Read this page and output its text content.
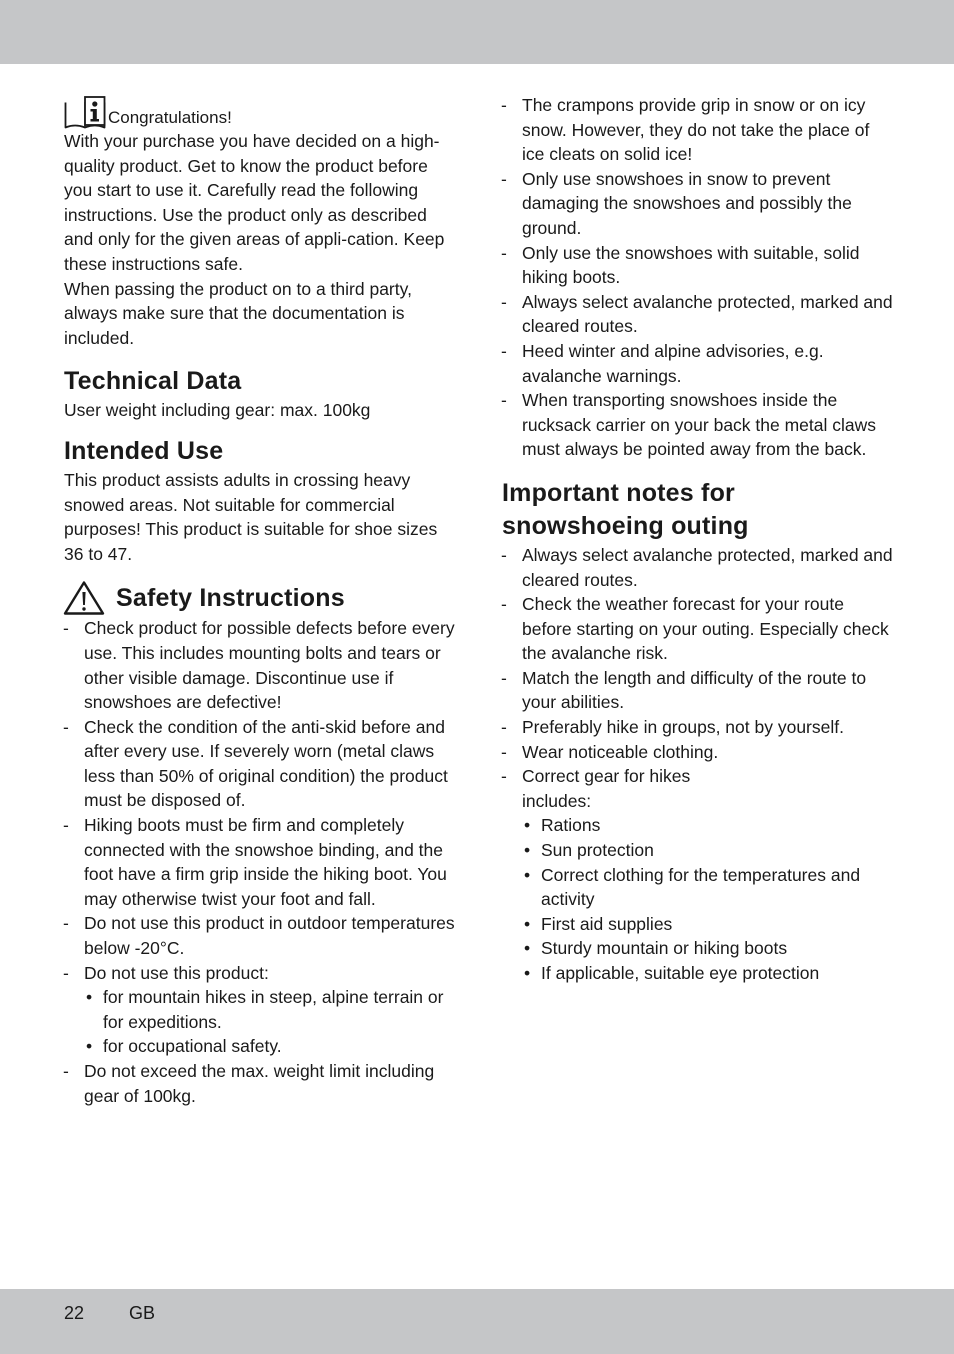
Congratulations!

With your purchase you have decided on a high-quality product. Get to know the product before you start to use it. Carefully read the following instructions. Use the product only as described and only for the given areas of appli-cation. Keep these instructions safe.

When passing the product on to a third party, always make sure that the documentation is included.

Technical Data

User weight including gear: max. 100kg

Intended Use

This product assists adults in crossing heavy snowed areas. Not suitable for commercial purposes! This product is suitable for shoe sizes 36 to 47.

Safety Instructions
- Check product for possible defects before every use. This includes mounting bolts and tears or other visible damage. Discontinue use if snowshoes are defective!
- Check the condition of the anti-skid before and after every use. If severely worn (metal claws less than 50% of original condition) the product must be disposed of.
- Hiking boots must be firm and completely connected with the snowshoe binding, and the foot have a firm grip inside the hiking boot. You may otherwise twist your foot and fall.
- Do not use this product in outdoor temperatures below -20°C.
- Do not use this product:
• for mountain hikes in steep, alpine terrain or for expeditions.
• for occupational safety.
- Do not exceed the max. weight limit including gear of 100kg.
- The crampons provide grip in snow or on icy snow. However, they do not take the place of ice cleats on solid ice!
- Only use snowshoes in snow to prevent damaging the snowshoes and possibly the ground.
- Only use the snowshoes with suitable, solid hiking boots.
- Always select avalanche protected, marked and cleared routes.
- Heed winter and alpine advisories, e.g. avalanche warnings.
- When transporting snowshoes inside the rucksack carrier on your back the metal claws must always be pointed away from the back.
Important notes for
snowshoeing outing
- Always select avalanche protected, marked and cleared routes.
- Check the weather forecast for your route before starting on your outing. Especially check the avalanche risk.
- Match the length and difficulty of the route to your abilities.
- Preferably hike in groups, not by yourself.
- Wear noticeable clothing.
- Correct gear for hikes
includes:
• Rations
• Sun protection
• Correct clothing for the temperatures and activity
• First aid supplies
• Sturdy mountain or hiking boots
• If applicable, suitable eye protection
22 GB
